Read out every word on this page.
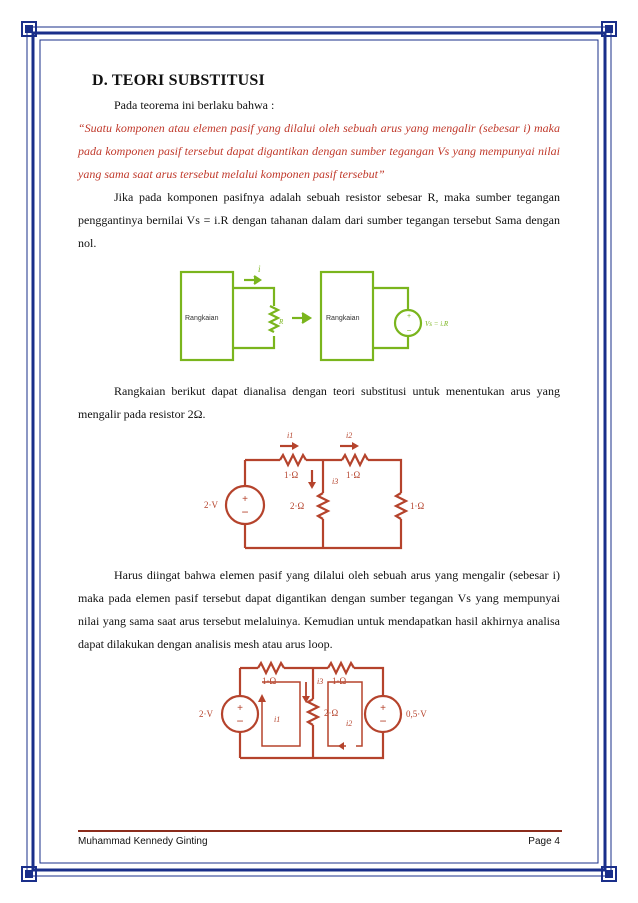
D. TEORI SUBSTITUSI

Pada teorema ini berlaku bahwa :

“Suatu komponen atau elemen pasif yang dilalui oleh sebuah arus yang mengalir (sebesar i) maka pada komponen pasif tersebut dapat digantikan dengan sumber tegangan Vs yang mempunyai nilai yang sama saat arus tersebut melalui komponen pasif tersebut”

Jika pada komponen pasifnya adalah sebuah resistor sebesar R, maka sumber tegangan penggantinya bernilai Vs = i.R dengan tahanan dalam dari sumber tegangan tersebut Sama dengan nol.

+
−
Rangkaian	Rangkaian
i
R	Vs = i.R

Rangkaian berikut dapat dianalisa dengan teori substitusi untuk menentukan arus yang mengalir pada resistor 2Ω.

+
−
i1	i2
i3
2·V
1·Ω	1·Ω
2·Ω	1·Ω

Harus diingat bahwa elemen pasif yang dilalui oleh sebuah arus yang mengalir (sebesar i) maka pada elemen pasif tersebut dapat digantikan dengan sumber tegangan Vs yang mempunyai nilai yang sama saat arus tersebut melaluinya. Kemudian untuk mendapatkan hasil akhirnya analisa dapat dilakukan dengan analisis mesh atau arus loop.

+
−
+
−
2·V	0,5·V
1·Ω	1·Ω
2·Ω
i3
i1	i2
Muhammad Kennedy Ginting	Page 4
